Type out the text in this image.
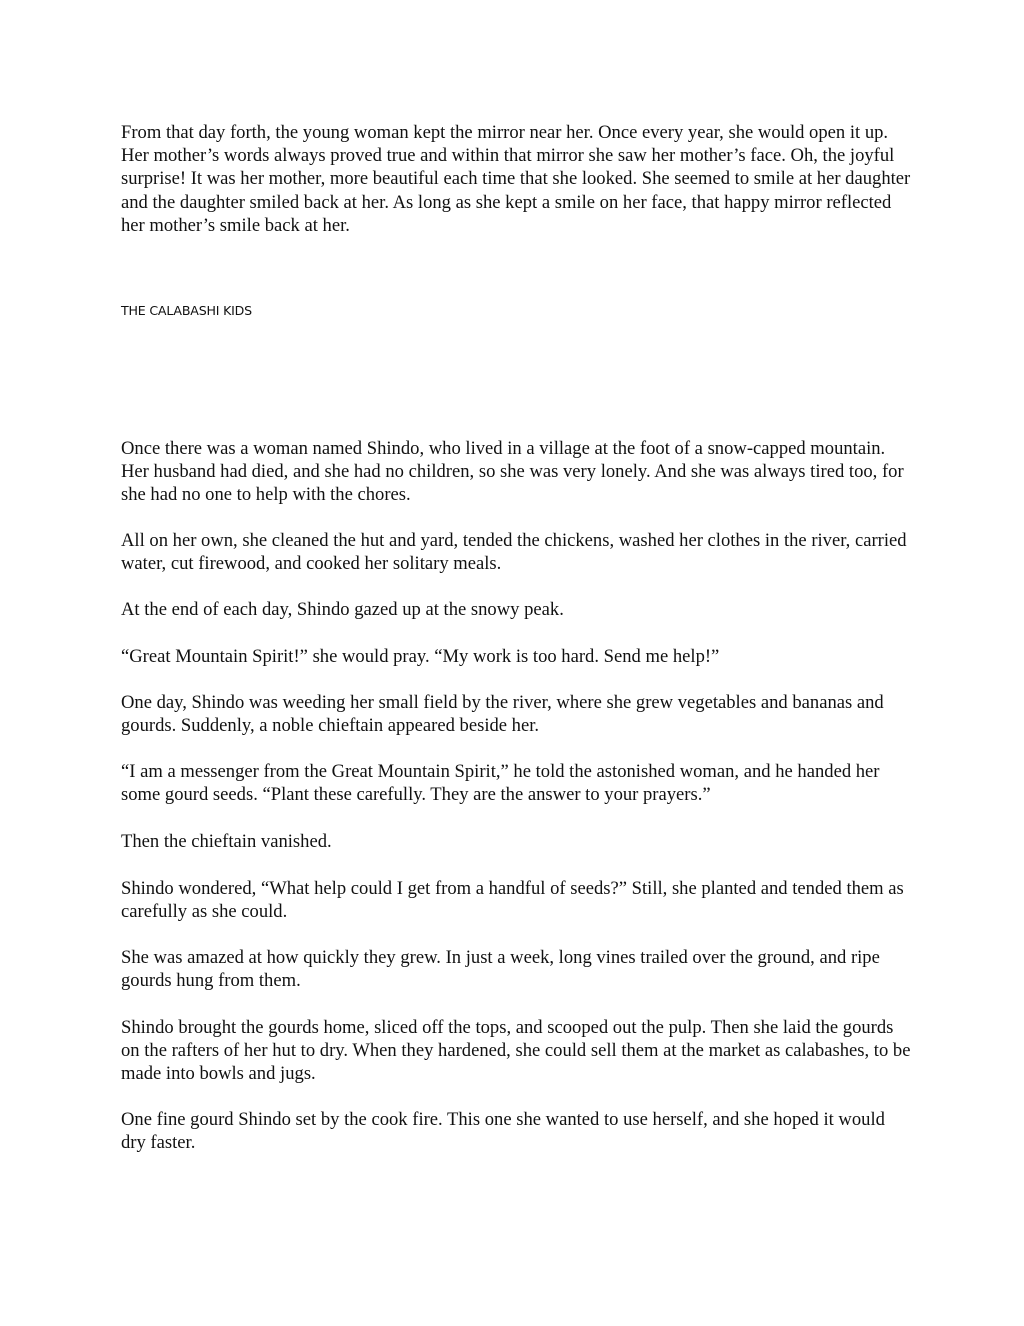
From that day forth, the young woman kept the mirror near her. Once every year, she would open it up. Her mother’s words always proved true and within that mirror she saw her mother’s face. Oh, the joyful surprise! It was her mother, more beautiful each time that she looked. She seemed to smile at her daughter and the daughter smiled back at her. As long as she kept a smile on her face, that happy mirror reflected her mother’s smile back at her.

THE CALABASHI KIDS

Once there was a woman named Shindo, who lived in a village at the foot of a snow-capped mountain. Her husband had died, and she had no children, so she was very lonely. And she was always tired too, for she had no one to help with the chores.

All on her own, she cleaned the hut and yard, tended the chickens, washed her clothes in the river, carried water, cut firewood, and cooked her solitary meals.

At the end of each day, Shindo gazed up at the snowy peak.

“Great Mountain Spirit!” she would pray. “My work is too hard. Send me help!”

One day, Shindo was weeding her small field by the river, where she grew vegetables and bananas and gourds. Suddenly, a noble chieftain appeared beside her.

“I am a messenger from the Great Mountain Spirit,” he told the astonished woman, and he handed her some gourd seeds. “Plant these carefully. They are the answer to your prayers.”

Then the chieftain vanished.

Shindo wondered, “What help could I get from a handful of seeds?” Still, she planted and tended them as carefully as she could.

She was amazed at how quickly they grew. In just a week, long vines trailed over the ground, and ripe gourds hung from them.

Shindo brought the gourds home, sliced off the tops, and scooped out the pulp. Then she laid the gourds on the rafters of her hut to dry. When they hardened, she could sell them at the market as calabashes, to be made into bowls and jugs.

One fine gourd Shindo set by the cook fire. This one she wanted to use herself, and she hoped it would dry faster.
